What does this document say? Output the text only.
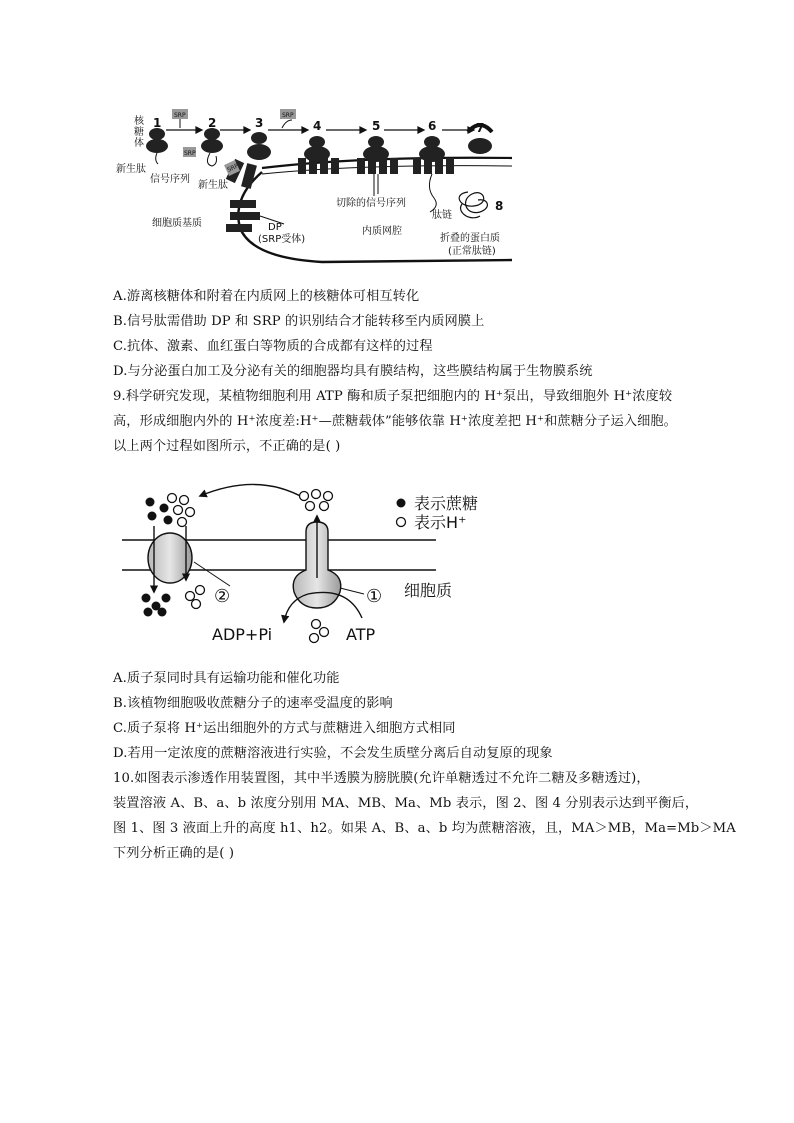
1	2	3	4	5	6	7
8
核糖体
SRP	SRP
SRP
SRP
新生肽
信号序列
新生肽
细胞质基质	DP
(SRP受体)
切除的信号序列
内质网腔
肽链
折叠的蛋白质
(正常肽链)
A.游离核糖体和附着在内质网上的核糖体可相互转化
B.信号肽需借助 DP 和 SRP 的识别结合才能转移至内质网膜上
C.抗体、激素、血红蛋白等物质的合成都有这样的过程
D.与分泌蛋白加工及分泌有关的细胞器均具有膜结构，这些膜结构属于生物膜系统
9.科学研究发现，某植物细胞利用 ATP 酶和质子泵把细胞内的 H⁺泵出，导致细胞外 H⁺浓度较
高，形成细胞内外的 H⁺浓度差:H⁺—蔗糖载体”能够依靠 H⁺浓度差把 H⁺和蔗糖分子运入细胞。
以上两个过程如图所示，不正确的是( )
表示蔗糖
表示H⁺
细胞质
ADP+Pi	ATP
①
②
A.质子泵同时具有运输功能和催化功能
B.该植物细胞吸收蔗糖分子的速率受温度的影响
C.质子泵将 H⁺运出细胞外的方式与蔗糖进入细胞方式相同
D.若用一定浓度的蔗糖溶液进行实验，不会发生质壁分离后自动复原的现象
10.如图表示渗透作用装置图，其中半透膜为膀胱膜(允许单糖透过不允许二糖及多糖透过)，
装置溶液 A、B、a、b 浓度分别用 MA、MB、Ma、Mb 表示，图 2、图 4 分别表示达到平衡后，
图 1、图 3 液面上升的高度 h1、h2。如果 A、B、a、b 均为蔗糖溶液，且，MA＞MB，Ma=Mb＞MA
下列分析正确的是( )
